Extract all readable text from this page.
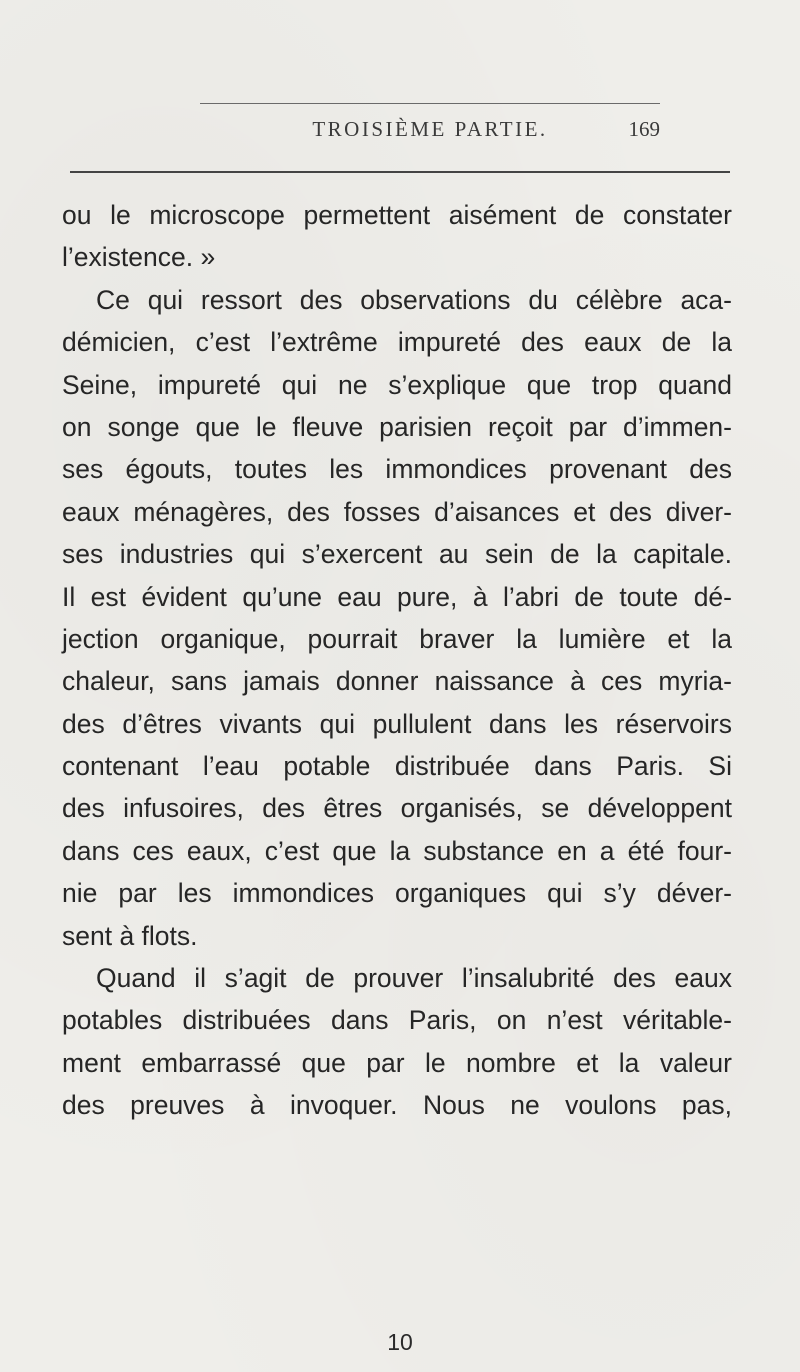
TROISIÈME PARTIE.	169
ou le microscope permettent aisément de constater
l’existence. »
Ce qui ressort des observations du célèbre aca-
démicien, c’est l’extrême impureté des eaux de la
Seine, impureté qui ne s’explique que trop quand
on songe que le fleuve parisien reçoit par d’immen-
ses égouts, toutes les immondices provenant des
eaux ménagères, des fosses d’aisances et des diver-
ses industries qui s’exercent au sein de la capitale.
Il est évident qu’une eau pure, à l’abri de toute dé-
jection organique, pourrait braver la lumière et la
chaleur, sans jamais donner naissance à ces myria-
des d’êtres vivants qui pullulent dans les réservoirs
contenant l’eau potable distribuée dans Paris. Si
des infusoires, des êtres organisés, se développent
dans ces eaux, c’est que la substance en a été four-
nie par les immondices organiques qui s’y déver-
sent à flots.
Quand il s’agit de prouver l’insalubrité des eaux
potables distribuées dans Paris, on n’est véritable-
ment embarrassé que par le nombre et la valeur
des preuves à invoquer. Nous ne voulons pas,
10
